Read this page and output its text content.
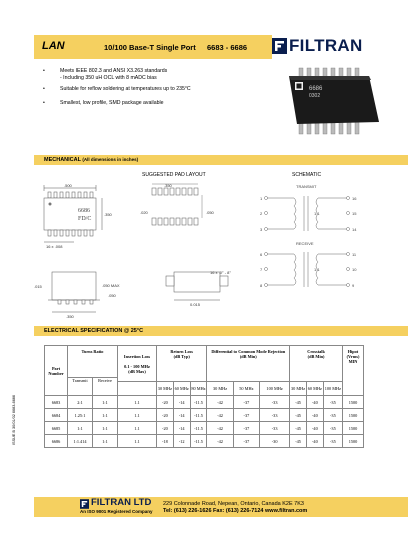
LAN	10/100 Base-T Single Port 6683 - 6686 FILTRAN
•	Meets IEEE 802.3 and ANSI X3.263 standards
- Including 350 uH OCL with 8 mADC bias
•	Suitable for reflow soldering at temperatures up to 235°C
•	Smallest, low profile, SMD package available
6686
0302
MECHANICAL (All dimensions in inches)
SUGGESTED PAD LAYOUT	SCHEMATIC
.500
6686
FD/C
.350
16 x .008
.350
.020	.050
TRANSMIT
RECEIVE
1
2
3
6
7
8
16
15
14
11
10
9
1:1
1:1
.015	.050 MAX
.050
.350
16 x .0° - 8°
0.015
ELECTRICAL SPECIFICATION @ 25°C
Part Number	Turns Ratio		Insertion Loss

0.1 - 100 MHz
(dB Max)	Return Loss
(dB Typ)			Differential to Common Mode Rejection
(dB Min)			Crosstalk
(dB Min)			Hipot
(Vrms)
MIN
	Transmit	Receive											
				30 MHz	60 MHz	80 MHz	30 MHz	50 MHz	100 MHz	30 MHz	60 MHz	100 MHz	
6683	2:1	1:1	1.1	-20	-14	-11.5	-42	-37	-33	-45	-40	-35	1500
6684	1.25:1	1:1	1.1	-20	-14	-11.5	-42	-37	-33	-45	-40	-35	1500
6685	1:1	1:1	1.1	-20	-14	-11.5	-42	-37	-33	-45	-40	-35	1500
6686	1:1.414	1:1	1.1	-18	-12	-11.5	-42	-37	-30	-45	-40	-35	1500
ISSUE B 30/01/02 6683-6686
FILTRAN LTD
An ISO 9001 Registered Company
229 Colonnade Road, Nepean, Ontario, Canada K2E 7K3
Tel: (613) 226-1626 Fax: (613) 226-7124 www.filtran.com
